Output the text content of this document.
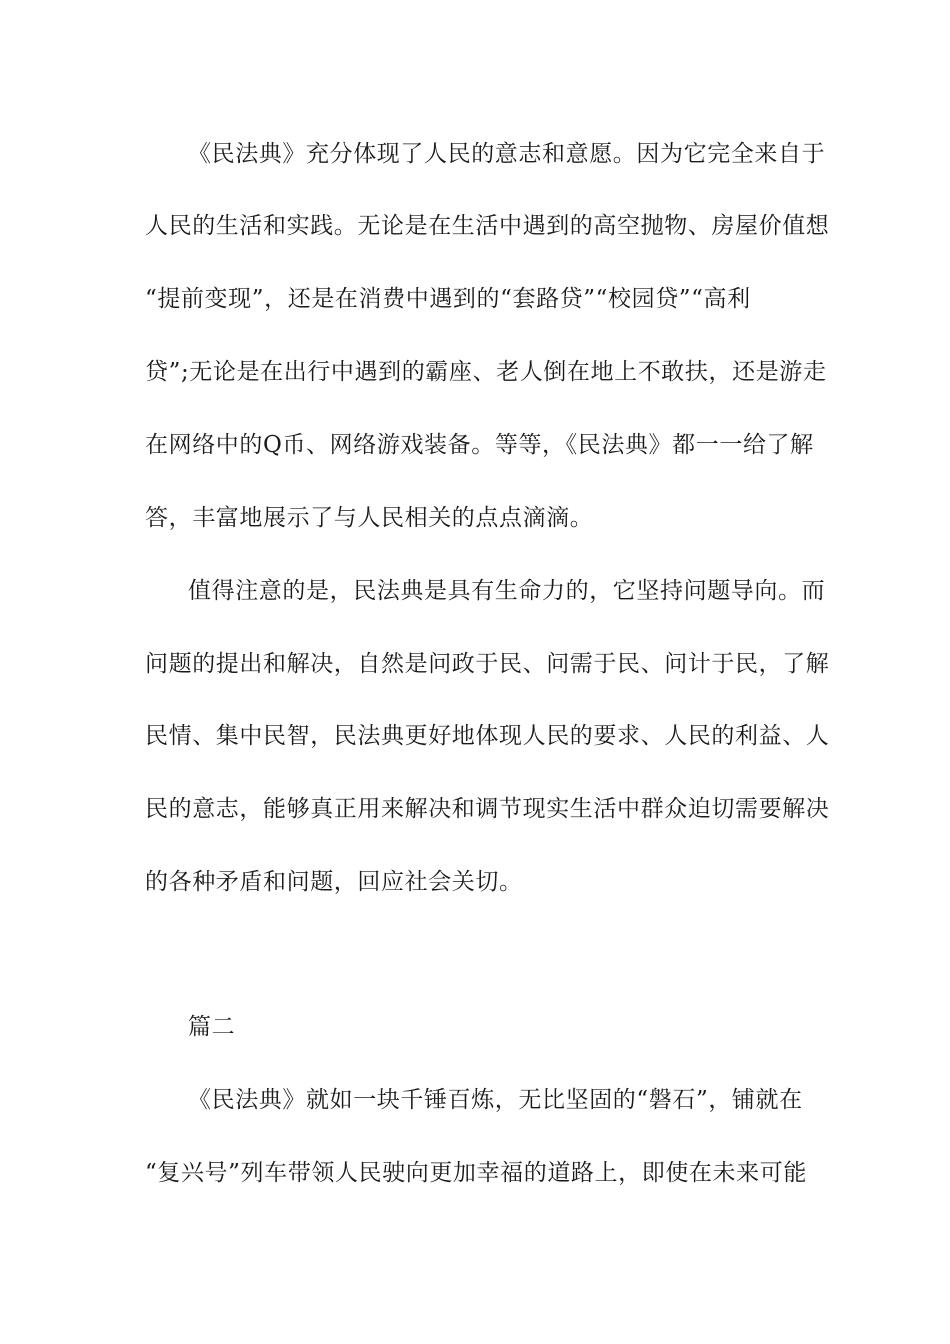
《民法典》充分体现了人民的意志和意愿。因为它完全来自于
人民的生活和实践。无论是在生活中遇到的高空抛物、房屋价值想
“提前变现”，还是在消费中遇到的“套路贷”“校园贷”“高利
贷”;无论是在出行中遇到的霸座、老人倒在地上不敢扶，还是游走
在网络中的Q币、网络游戏装备。等等，《民法典》都一一给了解
答，丰富地展示了与人民相关的点点滴滴。
值得注意的是，民法典是具有生命力的，它坚持问题导向。而
问题的提出和解决，自然是问政于民、问需于民、问计于民，了解
民情、集中民智，民法典更好地体现人民的要求、人民的利益、人
民的意志，能够真正用来解决和调节现实生活中群众迫切需要解决
的各种矛盾和问题，回应社会关切。
篇二
《民法典》就如一块千锤百炼，无比坚固的“磐石”，铺就在
“复兴号”列车带领人民驶向更加幸福的道路上，即使在未来可能
